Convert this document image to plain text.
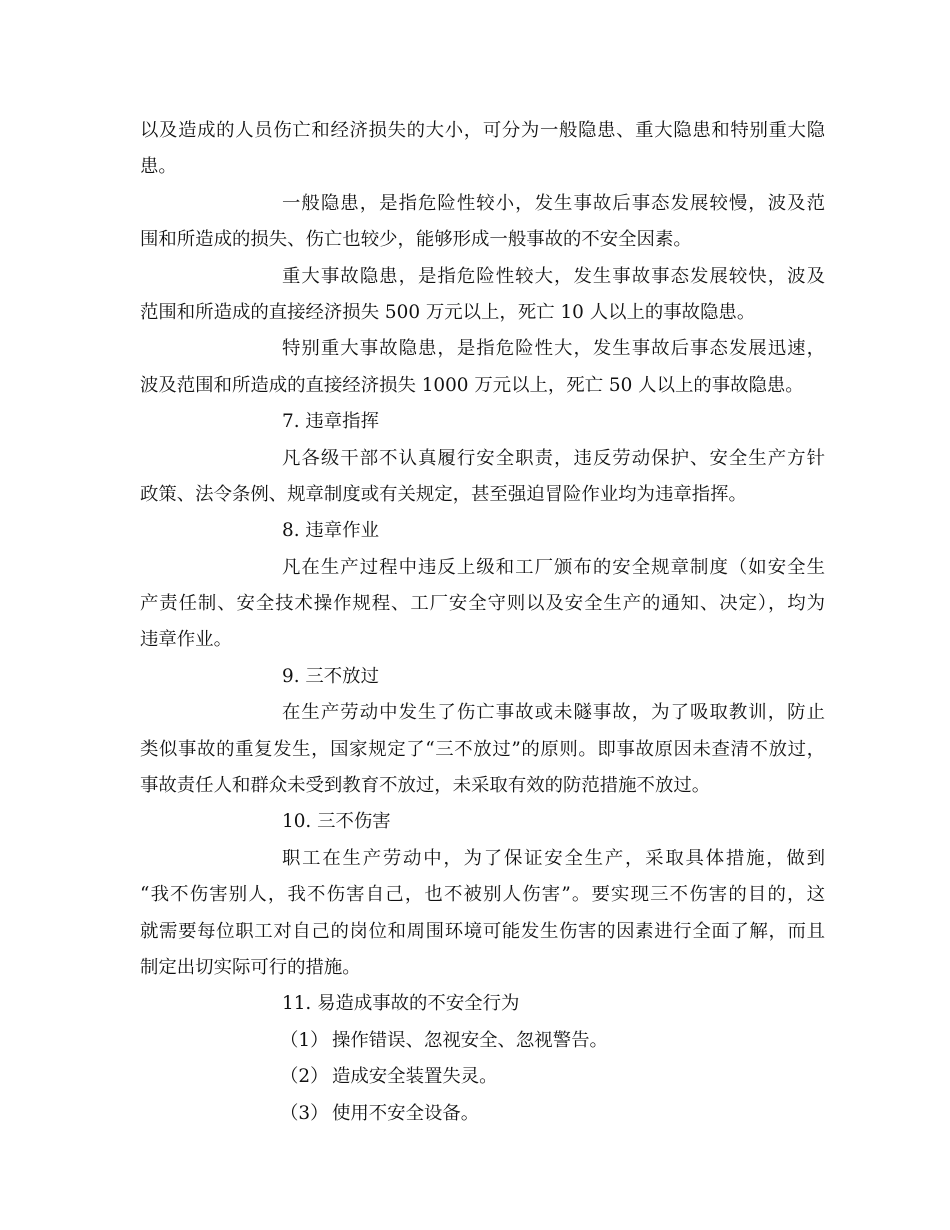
以及造成的人员伤亡和经济损失的大小，可分为一般隐患、重大隐患和特别重大隐
患。
一般隐患，是指危险性较小，发生事故后事态发展较慢，波及范
围和所造成的损失、伤亡也较少，能够形成一般事故的不安全因素。
重大事故隐患，是指危险性较大，发生事故事态发展较快，波及
范围和所造成的直接经济损失 500 万元以上，死亡 10 人以上的事故隐患。
特别重大事故隐患，是指危险性大，发生事故后事态发展迅速，
波及范围和所造成的直接经济损失 1000 万元以上，死亡 50 人以上的事故隐患。
7. 违章指挥
凡各级干部不认真履行安全职责，违反劳动保护、安全生产方针
政策、法令条例、规章制度或有关规定，甚至强迫冒险作业均为违章指挥。
8. 违章作业
凡在生产过程中违反上级和工厂颁布的安全规章制度（如安全生
产责任制、安全技术操作规程、工厂安全守则以及安全生产的通知、决定），均为
违章作业。
9. 三不放过
在生产劳动中发生了伤亡事故或未隧事故，为了吸取教训，防止
类似事故的重复发生，国家规定了“三不放过”的原则。即事故原因未查清不放过，
事故责任人和群众未受到教育不放过，未采取有效的防范措施不放过。
10. 三不伤害
职工在生产劳动中，为了保证安全生产，采取具体措施，做到
“我不伤害别人，我不伤害自己，也不被别人伤害”。要实现三不伤害的目的，这
就需要每位职工对自己的岗位和周围环境可能发生伤害的因素进行全面了解，而且
制定出切实际可行的措施。
11. 易造成事故的不安全行为
（1） 操作错误、忽视安全、忽视警告。
（2） 造成安全装置失灵。
（3） 使用不安全设备。
